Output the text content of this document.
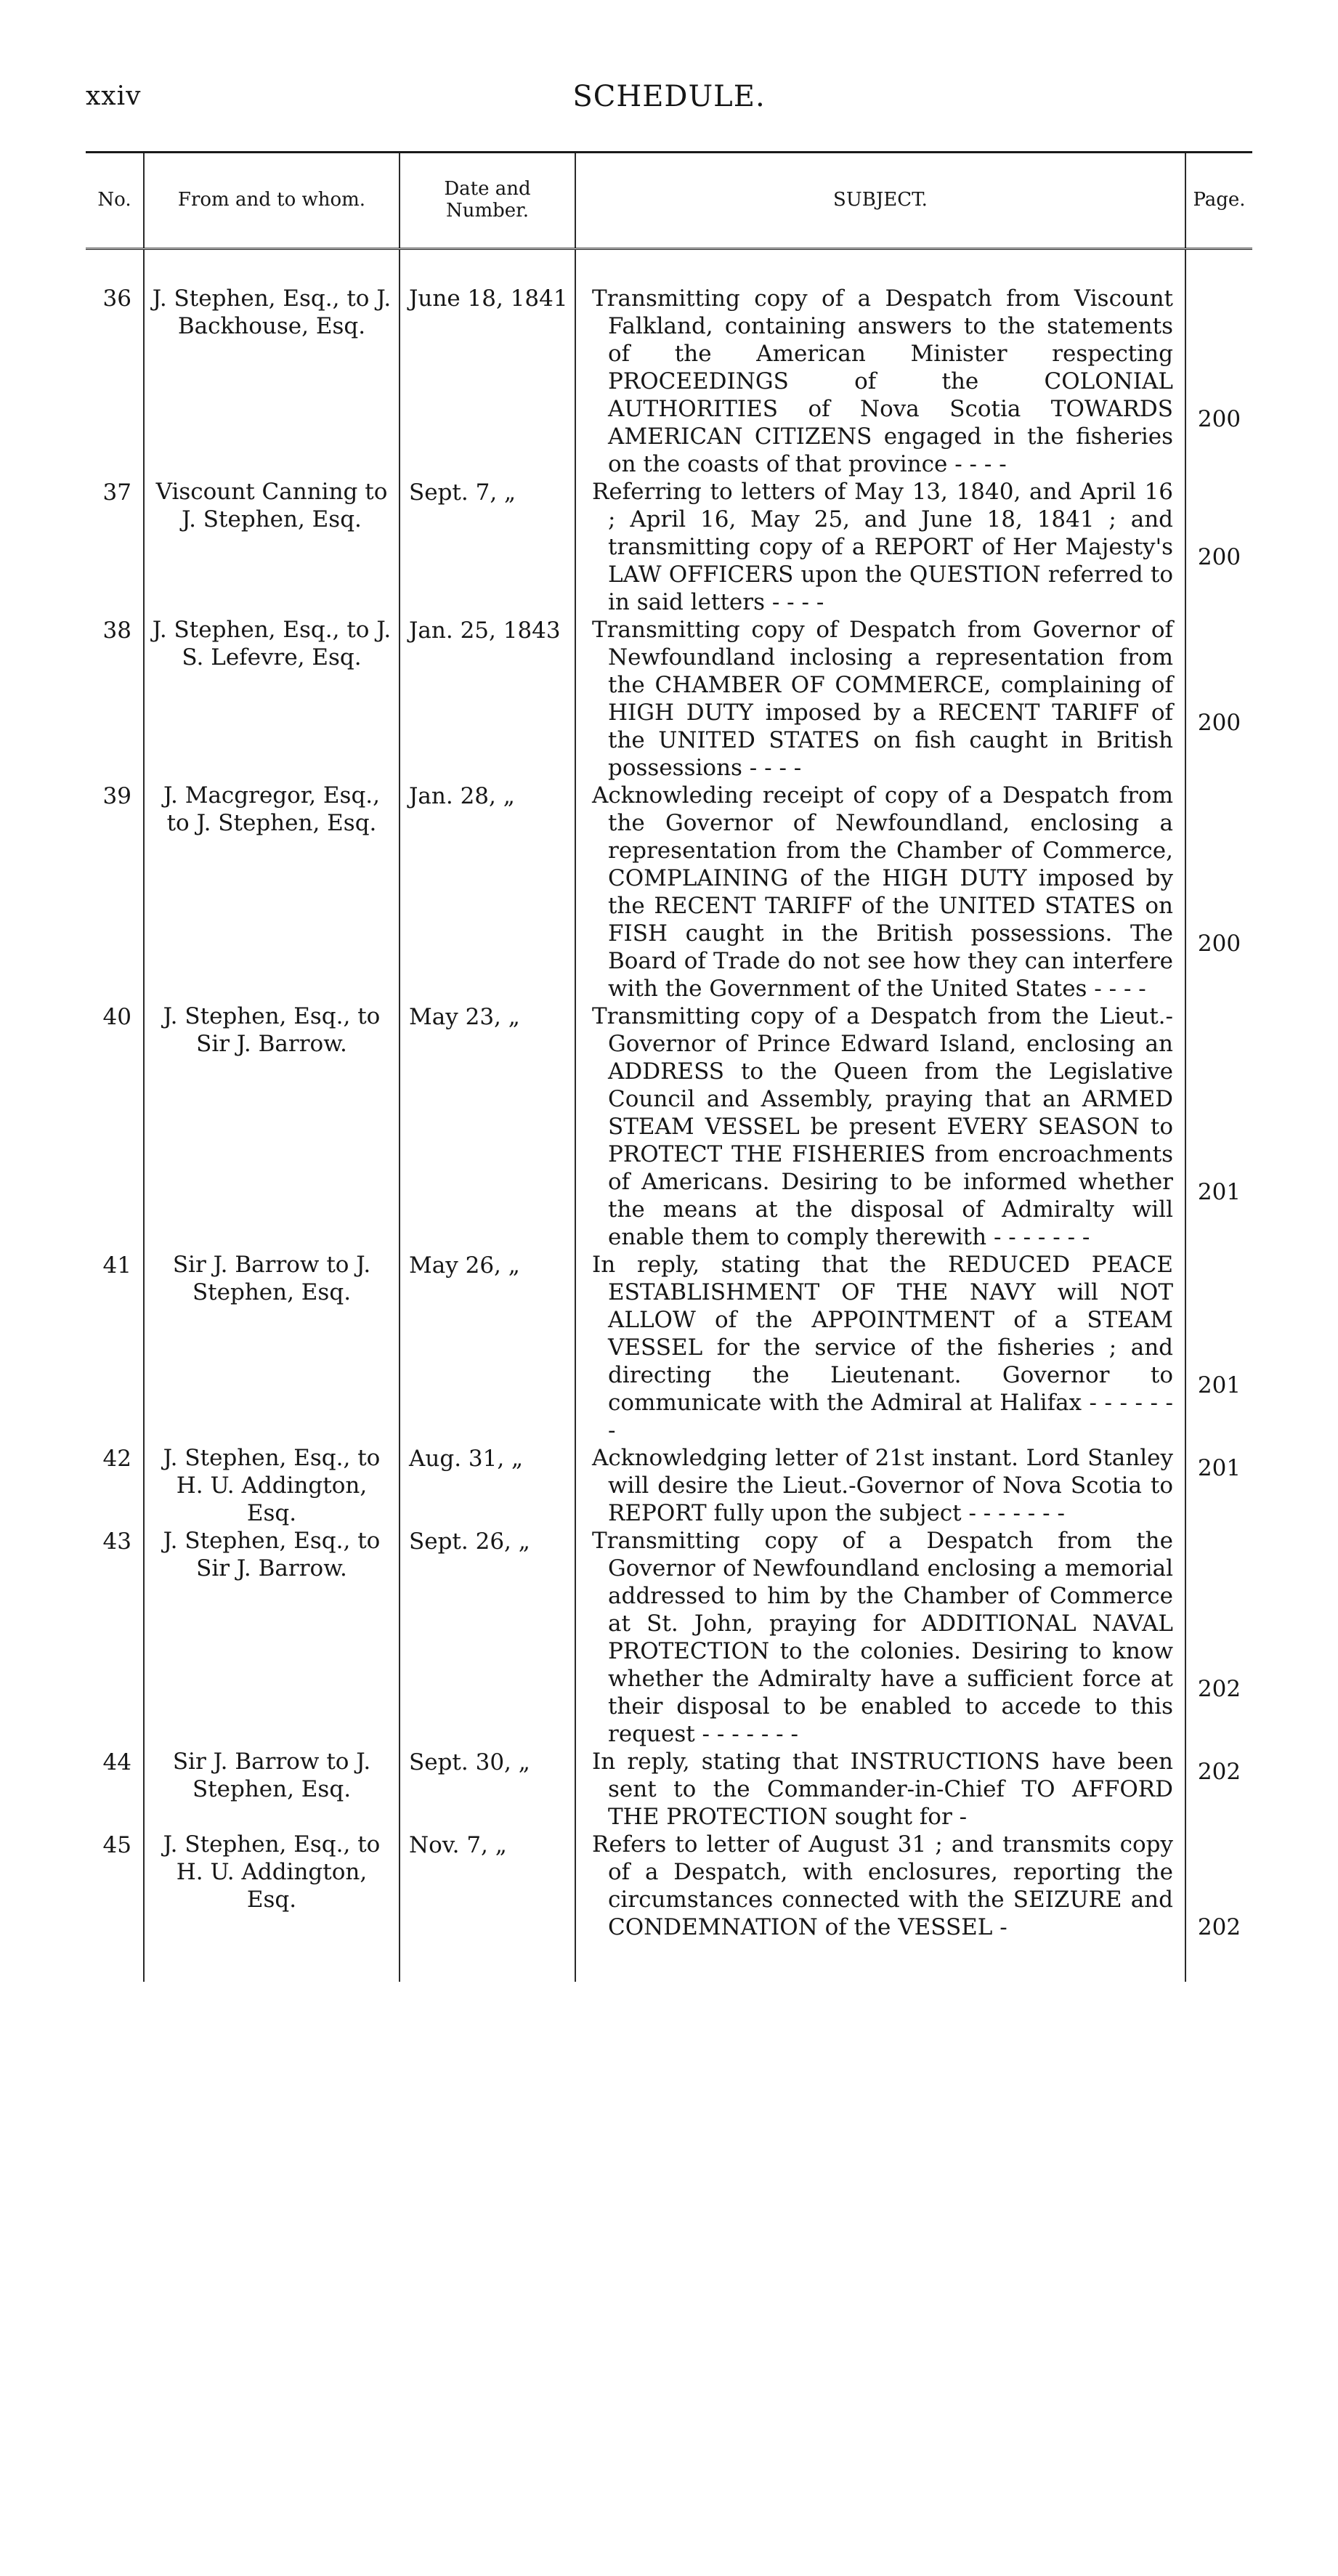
xxiv	SCHEDULE.
No.	From and to whom.	Date and Number.	SUBJECT.	Page.
36	J. Stephen, Esq., to J. Backhouse, Esq.	June 18, 1841	Transmitting copy of a Despatch from Viscount Falkland, containing answers to the statements of the American Minister respecting PROCEEDINGS of the COLONIAL AUTHORITIES of Nova Scotia TOWARDS AMERICAN CITIZENS engaged in the fisheries on the coasts of that province - - - -	200
37	Viscount Canning to J. Stephen, Esq.	Sept. 7, „	Referring to letters of May 13, 1840, and April 16 ; April 16, May 25, and June 18, 1841 ; and transmitting copy of a REPORT of Her Majesty's LAW OFFICERS upon the QUESTION referred to in said letters - - - -	200
38	J. Stephen, Esq., to J. S. Lefevre, Esq.	Jan. 25, 1843	Transmitting copy of Despatch from Governor of Newfoundland inclosing a representation from the CHAMBER OF COMMERCE, complaining of HIGH DUTY imposed by a RECENT TARIFF of the UNITED STATES on fish caught in British possessions - - - -	200
39	J. Macgregor, Esq., to J. Stephen, Esq.	Jan. 28, „	Acknowleding receipt of copy of a Despatch from the Governor of Newfoundland, enclosing a representation from the Chamber of Commerce, COMPLAINING of the HIGH DUTY imposed by the RECENT TARIFF of the UNITED STATES on FISH caught in the British possessions. The Board of Trade do not see how they can interfere with the Government of the United States - - - -	200
40	J. Stephen, Esq., to Sir J. Barrow.	May 23, „	Transmitting copy of a Despatch from the Lieut.-Governor of Prince Edward Island, enclosing an ADDRESS to the Queen from the Legislative Council and Assembly, praying that an ARMED STEAM VESSEL be present EVERY SEASON to PROTECT THE FISHERIES from encroachments of Americans. Desiring to be informed whether the means at the disposal of Admiralty will enable them to comply therewith - - - - - - -	201
41	Sir J. Barrow to J. Stephen, Esq.	May 26, „	In reply, stating that the REDUCED PEACE ESTABLISHMENT OF THE NAVY will NOT ALLOW of the APPOINTMENT of a STEAM VESSEL for the service of the fisheries ; and directing the Lieutenant. Governor to communicate with the Admiral at Halifax - - - - - - -	201
42	J. Stephen, Esq., to H. U. Addington, Esq.	Aug. 31, „	Acknowledging letter of 21st instant. Lord Stanley will desire the Lieut.-Governor of Nova Scotia to REPORT fully upon the subject - - - - - - -	201
43	J. Stephen, Esq., to Sir J. Barrow.	Sept. 26, „	Transmitting copy of a Despatch from the Governor of Newfoundland enclosing a memorial addressed to him by the Chamber of Commerce at St. John, praying for ADDITIONAL NAVAL PROTECTION to the colonies. Desiring to know whether the Admiralty have a sufficient force at their disposal to be enabled to accede to this request - - - - - - -	202
44	Sir J. Barrow to J. Stephen, Esq.	Sept. 30, „	In reply, stating that INSTRUCTIONS have been sent to the Commander-in-Chief TO AFFORD THE PROTECTION sought for -	202
45	J. Stephen, Esq., to H. U. Addington, Esq.	Nov. 7, „	Refers to letter of August 31 ; and transmits copy of a Despatch, with enclosures, reporting the circumstances connected with the SEIZURE and CONDEMNATION of the VESSEL -	202
